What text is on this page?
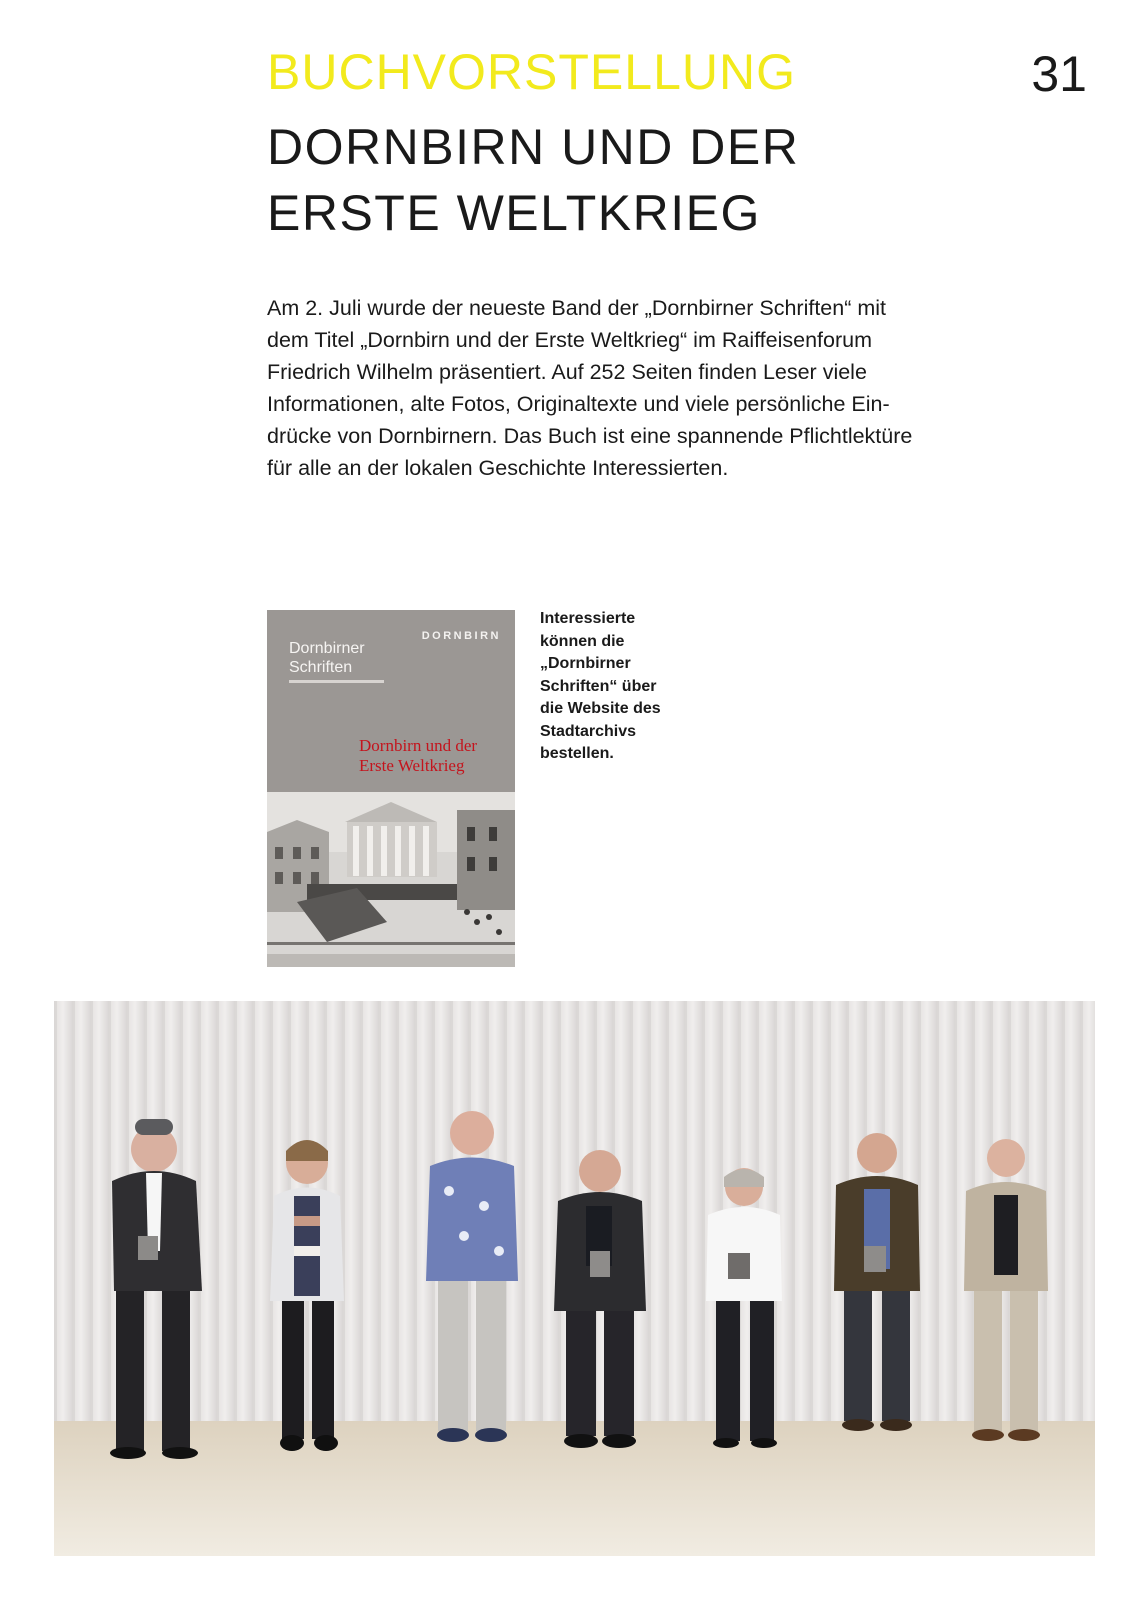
BUCHVORSTELLUNG	31
DORNBIRN UND DER
ERSTE WELTKRIEG

Am 2. Juli wurde der neueste Band der „Dornbirner Schriften“ mit
dem Titel „Dornbirn und der Erste Weltkrieg“ im Raiffeisenforum
Friedrich Wilhelm präsentiert. Auf 252 Seiten finden Leser viele
Informationen, alte Fotos, Originaltexte und viele persönliche Ein-
drücke von Dornbirnern. Das Buch ist eine spannende Pflichtlektüre
für alle an der lokalen Geschichte Interessierten.

DORNBIRN
Dornbirner
Schriften
Dornbirn und der
Erste Weltkrieg

Interessierte
können die
„Dornbirner
Schriften“ über
die Website des
Stadtarchivs
bestellen.
